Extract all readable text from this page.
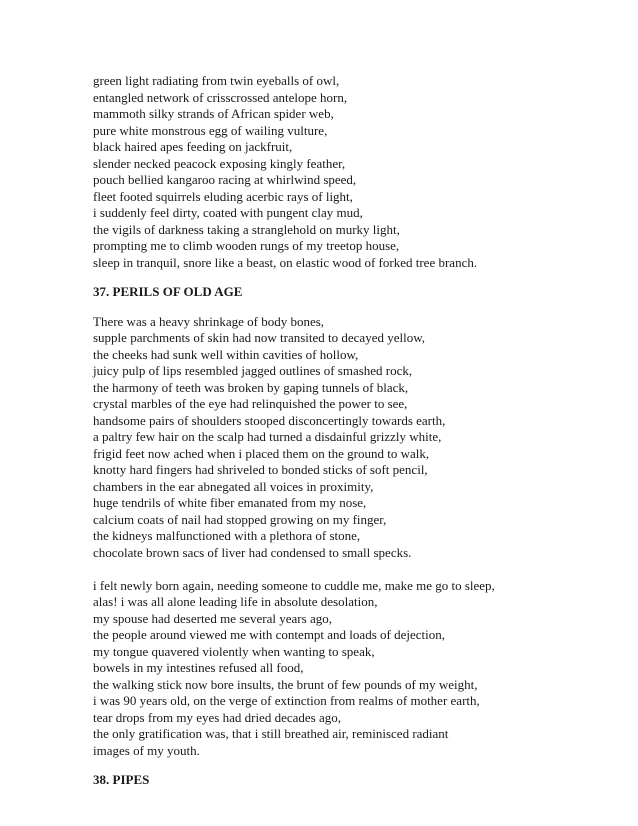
green light radiating from twin eyeballs of owl,
entangled network of crisscrossed antelope horn,
mammoth silky strands of African spider web,
pure white monstrous egg of wailing vulture,
black haired apes feeding on jackfruit,
slender necked peacock exposing kingly feather,
pouch bellied kangaroo racing at whirlwind speed,
fleet footed squirrels eluding acerbic rays of light,
i suddenly feel dirty, coated with pungent clay mud,
the vigils of darkness taking a stranglehold on murky light,
prompting me to climb wooden rungs of my treetop house,
sleep in tranquil, snore like a beast, on elastic wood of forked tree branch.
37. PERILS OF OLD AGE
There was a heavy shrinkage of body bones,
supple parchments of skin had now transited to decayed yellow,
the cheeks had sunk well within cavities of hollow,
juicy pulp of lips resembled jagged outlines of smashed rock,
the harmony of teeth was broken by gaping tunnels of black,
crystal marbles of the eye had relinquished the power to see,
handsome pairs of shoulders stooped disconcertingly towards earth,
a paltry few hair on the scalp had turned a disdainful grizzly white,
frigid feet now ached when i placed them on the ground to walk,
knotty hard fingers had shriveled to bonded sticks of soft pencil,
chambers in the ear abnegated all voices in proximity,
huge tendrils of white fiber emanated from my nose,
calcium coats of nail had stopped growing on my finger,
the kidneys malfunctioned with a plethora of stone,
chocolate brown sacs of liver had condensed to small specks.
i felt newly born again, needing someone to cuddle me, make me go to sleep,
alas! i was all alone leading life in absolute desolation,
my spouse had deserted me several years ago,
the people around viewed me with contempt and loads of dejection,
my tongue quavered violently when wanting to speak,
bowels in my intestines refused all food,
the walking stick now bore insults, the brunt of few pounds of my weight,
i was 90 years old, on the verge of extinction from realms of mother earth,
tear drops from my eyes had dried decades ago,
the only gratification was, that i still breathed air, reminisced radiant
images of my youth.
38. PIPES
